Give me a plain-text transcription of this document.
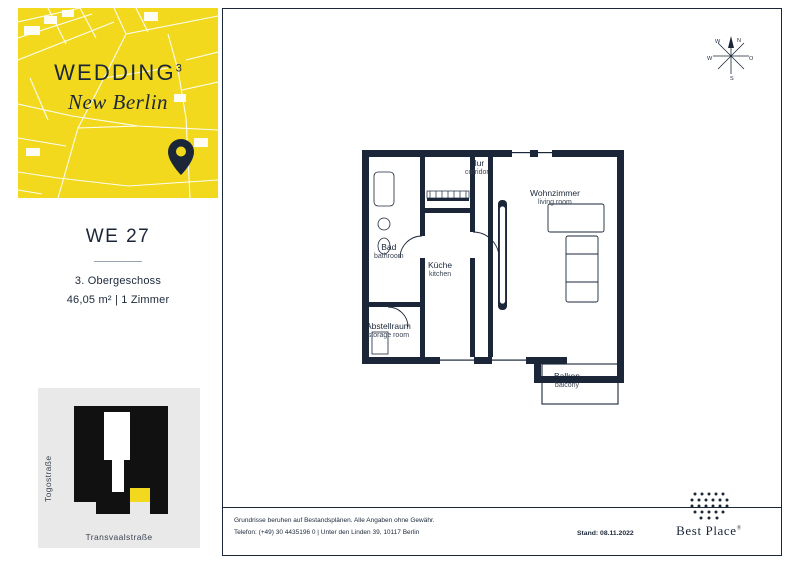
WEDDING$^3$
New Berlin
WE 27
3. Obergeschoss
46,05 m² | 1 Zimmer
Togostraße
Transvaalstraße
N
O
S
W
W
Flur
corridor
Wohnzimmer
living room
Bad
bathroom
Küche
kitchen
Abstellraum
storage room
Balkon
balcony
Grundrisse beruhen auf Bestandsplänen. Alle Angaben ohne Gewähr.
Telefon: (+49) 30 4435196 0 | Unter den Linden 39, 10117 Berlin	Stand: 08.11.2022	Best Place®
